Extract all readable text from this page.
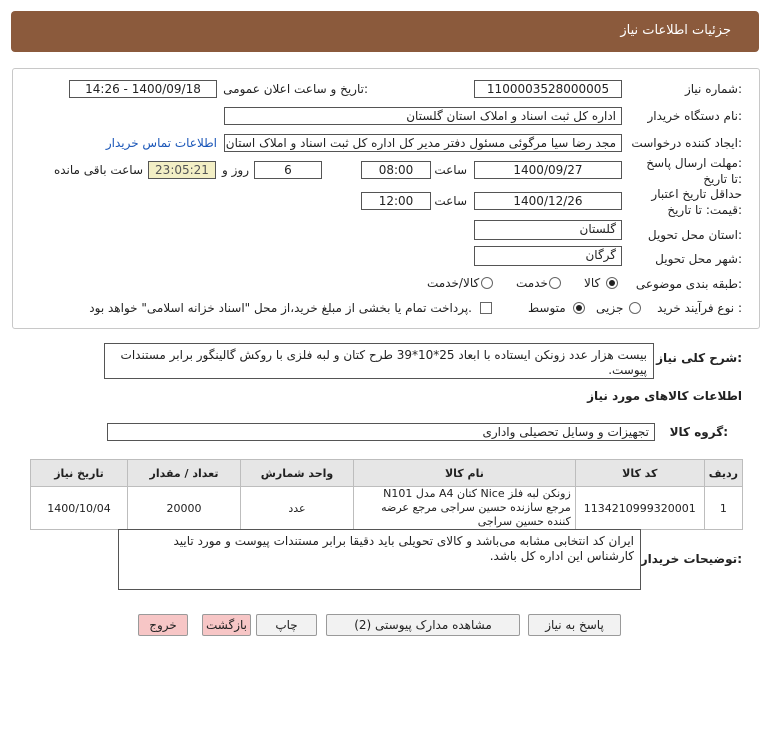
جزئیات اطلاعات نیاز
شماره نیاز:
1100003528000005
تاریخ و ساعت اعلان عمومی:
1400/09/18 - 14:26
نام دستگاه خریدار:
اداره کل ثبت اسناد و املاک استان گلستان
ایجاد کننده درخواست:
مجد رضا سیا مرگوئی مسئول دفتر مدیر کل اداره کل ثبت اسناد و املاک استان
اطلاعات تماس خریدار
مهلت ارسال پاسخ:
تا تاریخ:
1400/09/27
ساعت
08:00
6
روز و
23:05:21
ساعت باقی مانده
حداقل تاریخ اعتبار
قیمت: تا تاریخ:
1400/12/26
ساعت
12:00
استان محل تحویل:
گلستان
شهر محل تحویل:
گرگان
طبقه بندی موضوعی:
کالا
خدمت
کالا/خدمت
نوع فرآیند خرید :
جزیی
متوسط
پرداخت تمام یا بخشی از مبلغ خرید،از محل "اسناد خزانه اسلامی" خواهد بود.
شرح کلی نیاز:
بیست هزار عدد زونکن ایستاده با ابعاد 25*10*39 طرح کتان و لبه فلزی با روکش گالینگور برابر مستندات پیوست.
اطلاعات کالاهای مورد نیاز
گروه کالا:
تجهیزات و وسایل تحصیلی واداری
ردیف	کد کالا	نام کالا	واحد شمارش	تعداد / مقدار	تاریخ نیاز
1	1134210999320001	زونکن لبه فلز Nice کتان A4 مدل N101 مرجع سازنده حسین سراجی مرجع عرضه کننده حسین سراجی	عدد	20000	1400/10/04
توضیحات خریدار:
ایران کد انتخابی مشابه می‌باشد و کالای تحویلی باید دقیقا برابر مستندات پیوست و مورد تایید کارشناس این اداره کل باشد.
پاسخ به نیاز
مشاهده مدارک پیوستی (2)
چاپ
بازگشت
خروج
